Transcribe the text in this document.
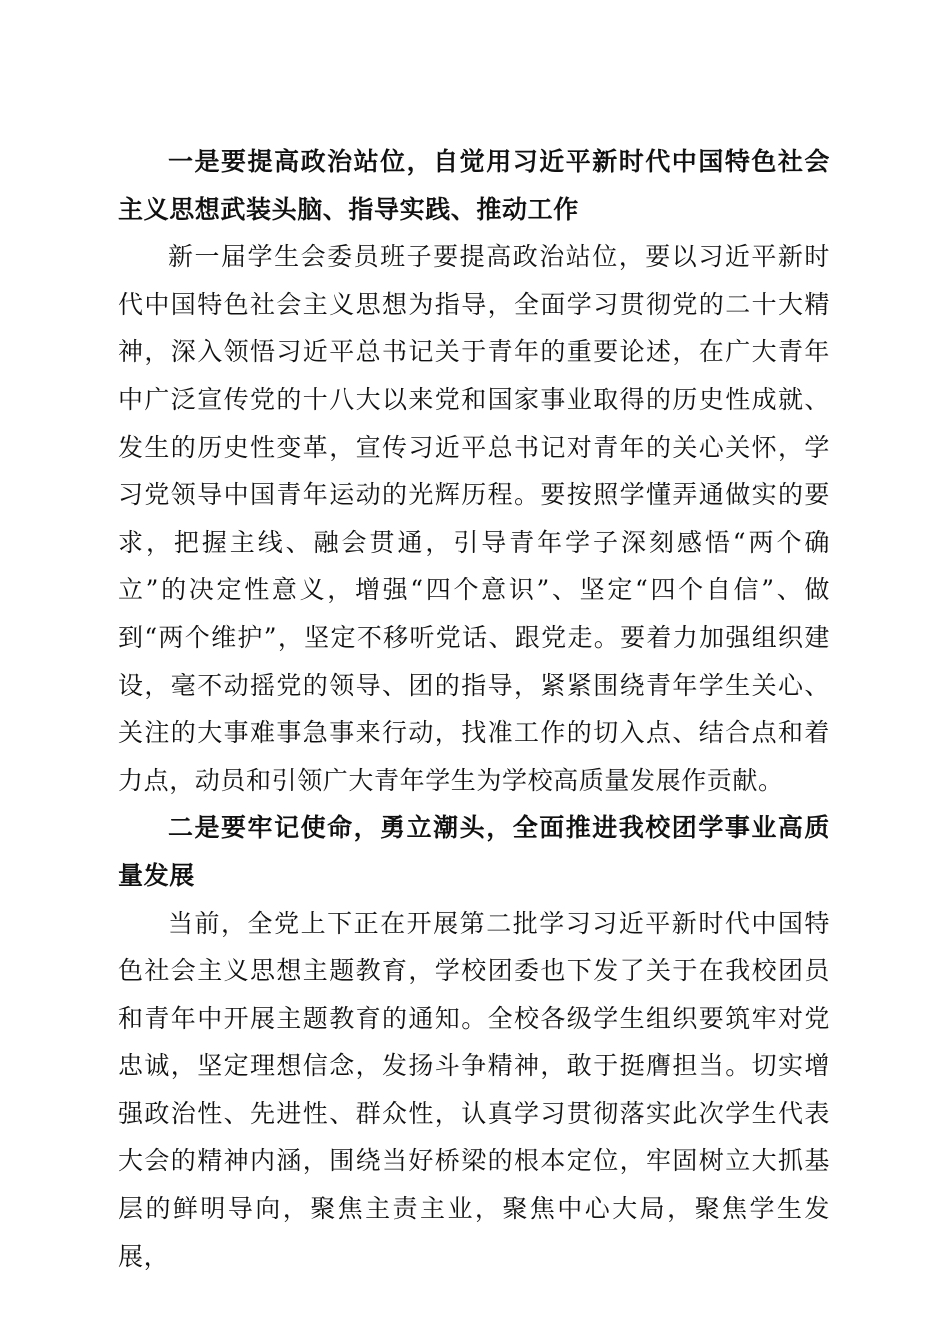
一是要提高政治站位，自觉用习近平新时代中国特色社会主义思想武装头脑、指导实践、推动工作

新一届学生会委员班子要提高政治站位，要以习近平新时代中国特色社会主义思想为指导，全面学习贯彻党的二十大精神，深入领悟习近平总书记关于青年的重要论述，在广大青年中广泛宣传党的十八大以来党和国家事业取得的历史性成就、发生的历史性变革，宣传习近平总书记对青年的关心关怀，学习党领导中国青年运动的光辉历程。要按照学懂弄通做实的要求，把握主线、融会贯通，引导青年学子深刻感悟“两个确立”的决定性意义，增强“四个意识”、坚定“四个自信”、做到“两个维护”，坚定不移听党话、跟党走。要着力加强组织建设，毫不动摇党的领导、团的指导，紧紧围绕青年学生关心、关注的大事难事急事来行动，找准工作的切入点、结合点和着力点，动员和引领广大青年学生为学校高质量发展作贡献。

二是要牢记使命，勇立潮头，全面推进我校团学事业高质量发展

当前，全党上下正在开展第二批学习习近平新时代中国特色社会主义思想主题教育，学校团委也下发了关于在我校团员和青年中开展主题教育的通知。全校各级学生组织要筑牢对党忠诚，坚定理想信念，发扬斗争精神，敢于挺膺担当。切实增强政治性、先进性、群众性，认真学习贯彻落实此次学生代表大会的精神内涵，围绕当好桥梁的根本定位，牢固树立大抓基层的鲜明导向，聚焦主责主业，聚焦中心大局，聚焦学生发展，
